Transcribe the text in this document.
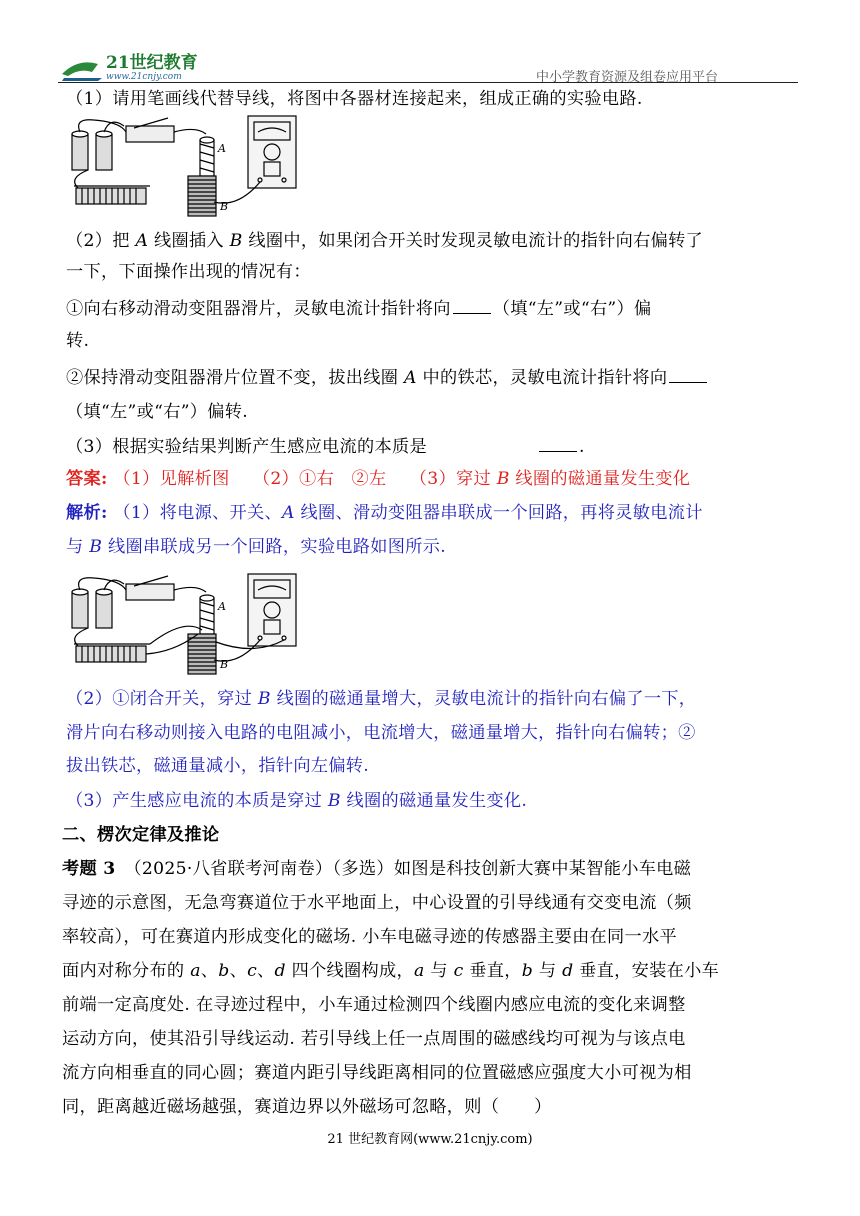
21世纪教育
www.21cnjy.com	中小学教育资源及组卷应用平台
（1）请用笔画线代替导线，将图中各器材连接起来，组成正确的实验电路.
A
B
（2）把 A 线圈插入 B 线圈中，如果闭合开关时发现灵敏电流计的指针向右偏转了
一下，下面操作出现的情况有：
①向右移动滑动变阻器滑片，灵敏电流计指针将向 （填“左”或“右”）偏
转.
②保持滑动变阻器滑片位置不变，拔出线圈 A 中的铁芯，灵敏电流计指针将向
（填“左”或“右”）偏转.
（3）根据实验结果判断产生感应电流的本质是	.
答案: （1）见解析图　 （2）①右　②左　 （3）穿过 B 线圈的磁通量发生变化
解析: （1）将电源、开关、A 线圈、滑动变阻器串联成一个回路，再将灵敏电流计
与 B 线圈串联成另一个回路，实验电路如图所示.
A
B
（2）①闭合开关，穿过 B 线圈的磁通量增大，灵敏电流计的指针向右偏了一下，
滑片向右移动则接入电路的电阻减小，电流增大，磁通量增大，指针向右偏转；②
拔出铁芯，磁通量减小，指针向左偏转.
（3）产生感应电流的本质是穿过 B 线圈的磁通量发生变化.
二、楞次定律及推论
考题 3　（2025·八省联考河南卷）（多选）如图是科技创新大赛中某智能小车电磁
寻迹的示意图，无急弯赛道位于水平地面上，中心设置的引导线通有交变电流（频
率较高），可在赛道内形成变化的磁场. 小车电磁寻迹的传感器主要由在同一水平
面内对称分布的 a、b、c、d 四个线圈构成，a 与 c 垂直，b 与 d 垂直，安装在小车
前端一定高度处. 在寻迹过程中，小车通过检测四个线圈内感应电流的变化来调整
运动方向，使其沿引导线运动. 若引导线上任一点周围的磁感线均可视为与该点电
流方向相垂直的同心圆；赛道内距引导线距离相同的位置磁感应强度大小可视为相
同，距离越近磁场越强，赛道边界以外磁场可忽略，则（　　）
21 世纪教育网(www.21cnjy.com)
